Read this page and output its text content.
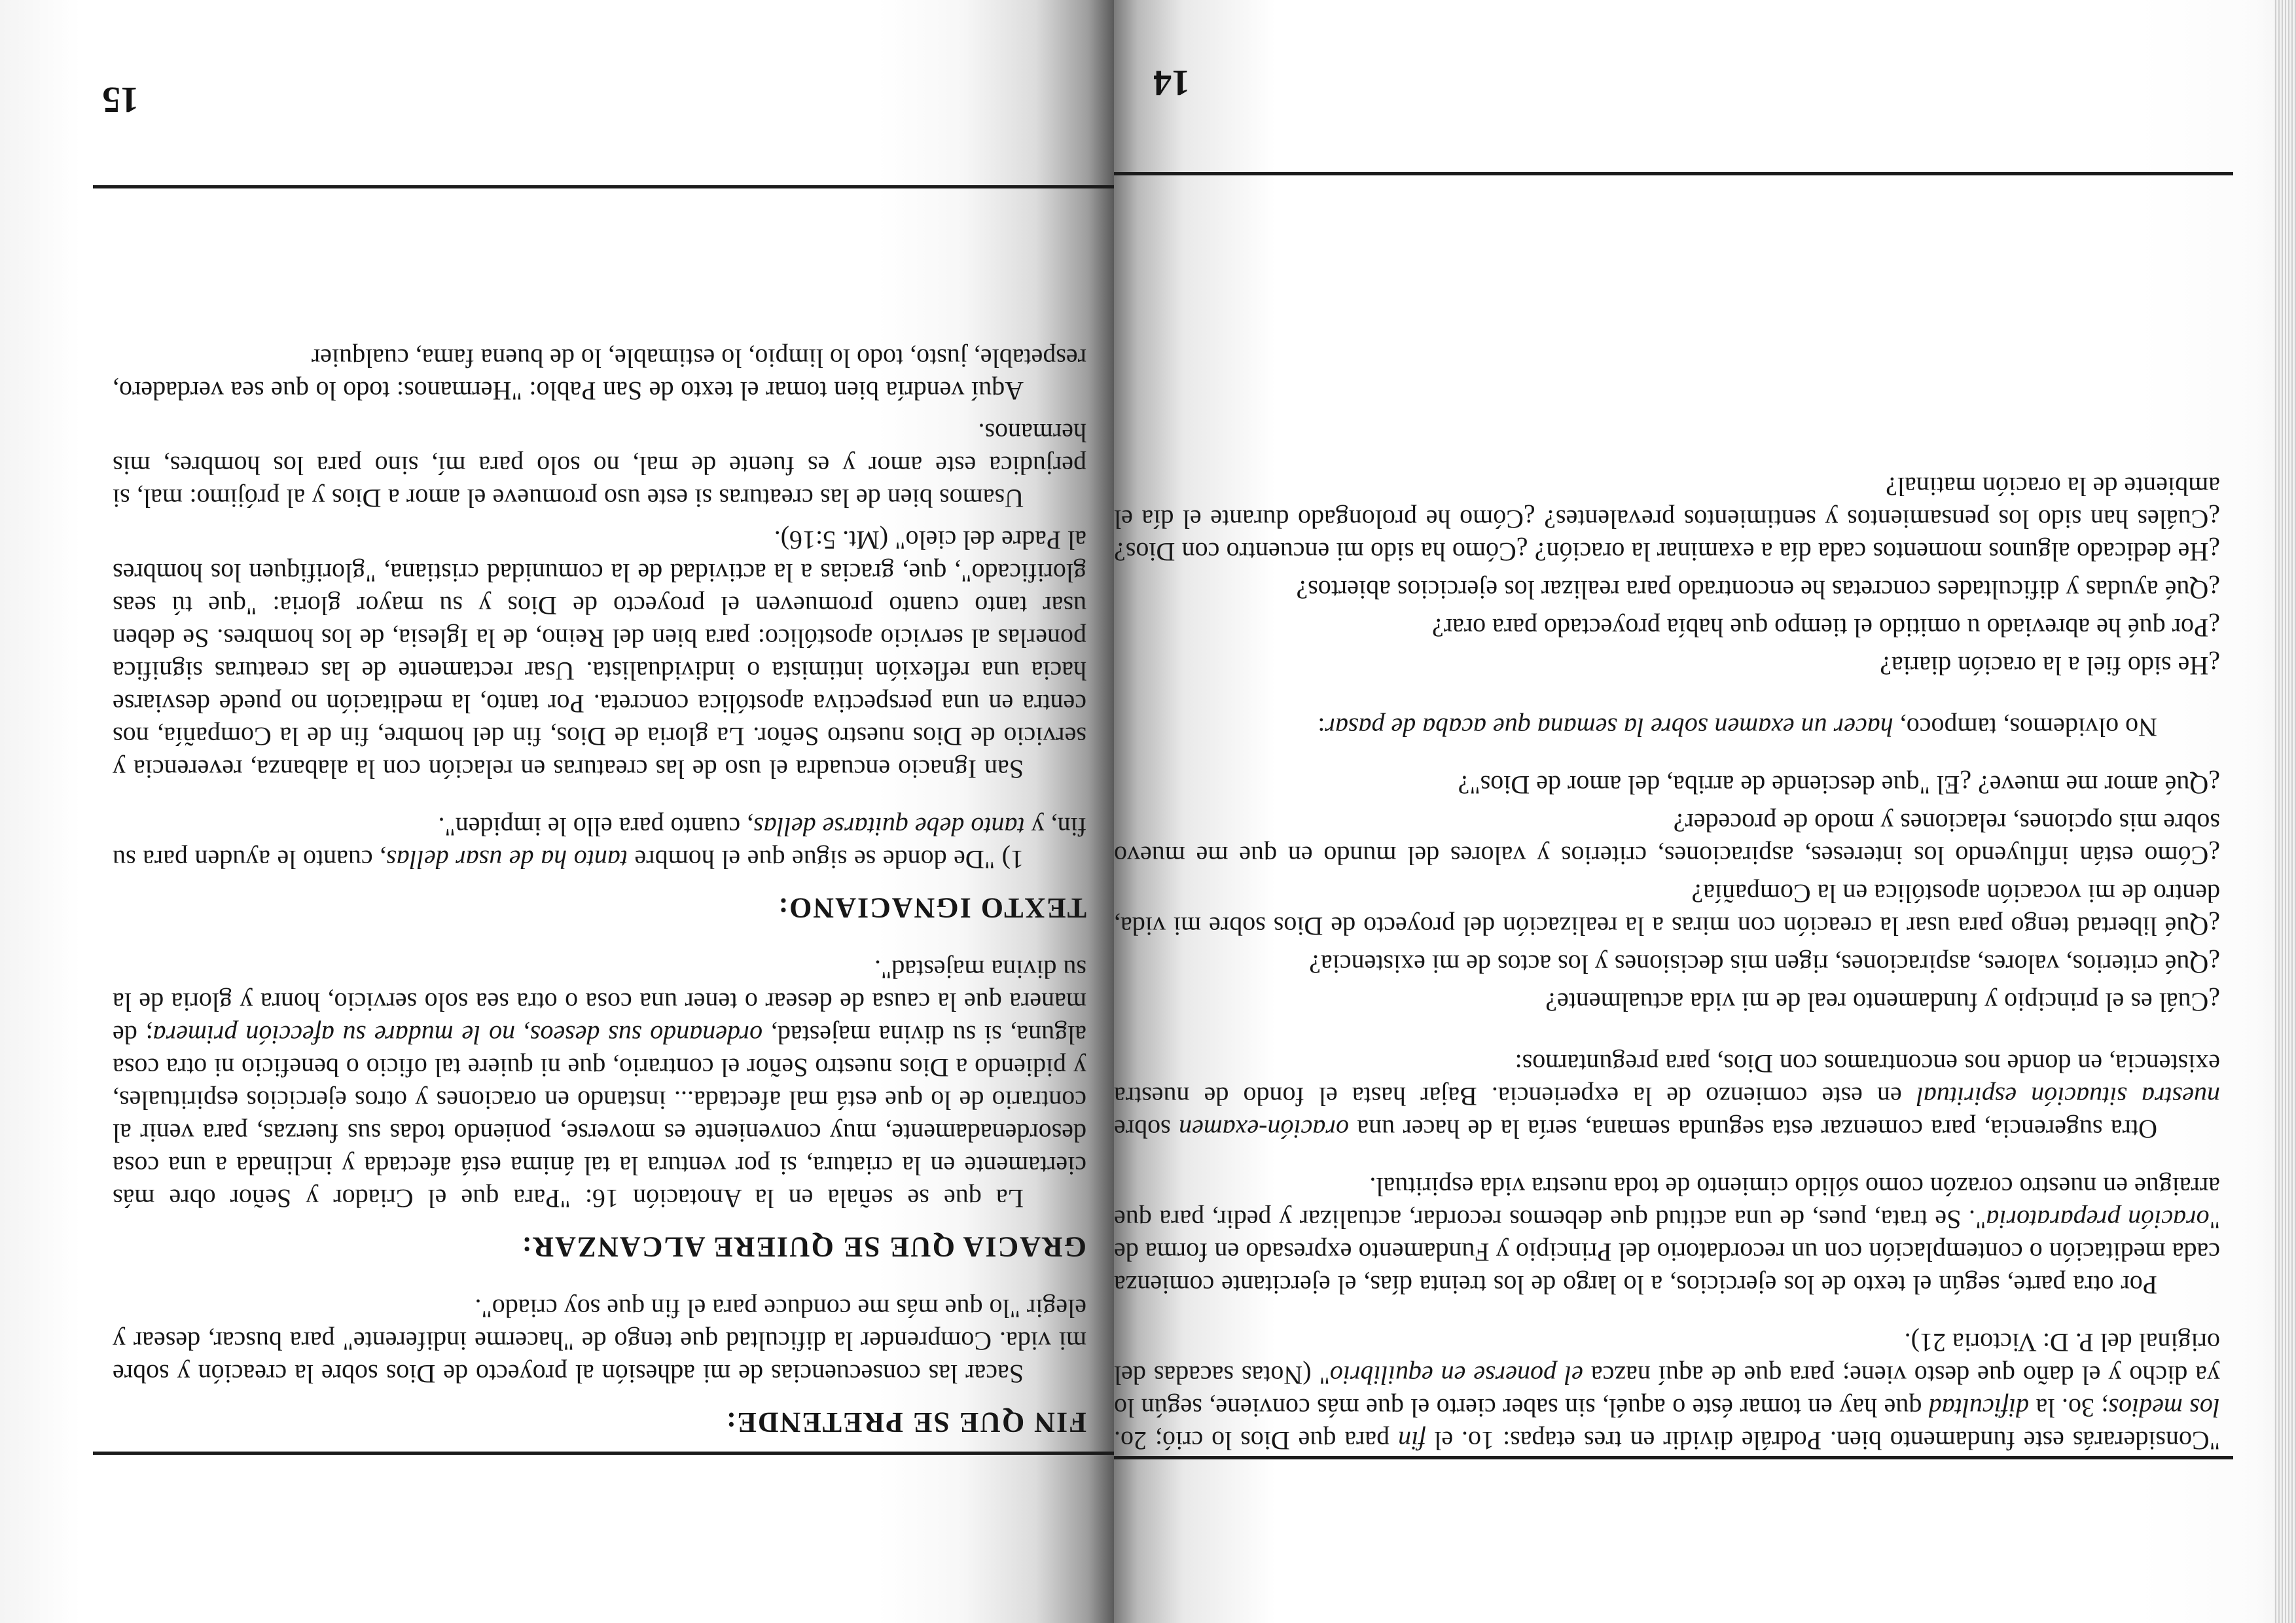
14

"Considerarás este fundamento bien. Podrále dividir en tres etapas: 1o. el fin para que Dios lo crió; 2o. los medios; 3o. la dificultad que hay en tomar éste o aquél, sin saber cierto el que más conviene, según lo ya dicho y el daño que desto viene; para que de aquí nazca el ponerse en equilibrio" (Notas sacadas del original del P. D: Victoria 21).

Por otra parte, según el texto de los ejercicios, a lo largo de los treinta días, el ejercitante comienza cada meditación o contemplación con un recordatorio del Principio y Fundamento expresado en forma de "oración preparatoria". Se trata, pues, de una actitud que debemos recordar, actualizar y pedir, para que arraigue en nuestro corazón como sólido cimiento de toda nuestra vida espiritual.

Otra sugerencia, para comenzar esta segunda semana, sería la de hacer una oración-examen sobre nuestra situación espiritual en este comienzo de la experiencia. Bajar hasta el fondo de nuestra existencia, en donde nos encontramos con Dios, para preguntarnos:

¿Cuál es el principio y fundamento real de mi vida actualmente?

¿Qué criterios, valores, aspiraciones, rigen mis decisiones y los actos de mi existencia?

¿Qué libertad tengo para usar la creación con miras a la realización del proyecto de Dios sobre mi vida, dentro de mi vocación apostólica en la Compañía?

¿Cómo están influyendo los intereses, aspiraciones, criterios y valores del mundo en que me muevo sobre mis opciones, relaciones y modo de proceder?

¿Qué amor me mueve? ¿El "que desciende de arriba, del amor de Dios"?

No olvidemos, tampoco, hacer un examen sobre la semana que acaba de pasar:

¿He sido fiel a la oración diaria?

¿Por qué he abreviado u omitido el tiempo que había proyectado para orar?

¿Qué ayudas y dificultades concretas he encontrado para realizar los ejercicios abiertos?

¿He dedicado algunos momentos cada día a examinar la oración? ¿Cómo ha sido mi encuentro con Dios? ¿Cuáles han sido los pensamientos y sentimientos prevalentes? ¿Cómo he prolongado durante el día el ambiente de la oración matinal?

15
FIN QUE SE PRETENDE:

Sacar las consecuencias de mi adhesión al proyecto de Dios sobre la creación y sobre mi vida. Comprender la dificultad que tengo de "hacerme indiferente" para buscar, desear y elegir "lo que más me conduce para el fin que soy criado".

GRACIA QUE SE QUIERE ALCANZAR:

La que se señala en la Anotación 16: "Para que el Criador y Señor obre más ciertamente en la criatura, si por ventura la tal ánima está afectada y inclinada a una cosa desordenadamente, muy conveniente es moverse, poniendo todas sus fuerzas, para venir al contrario de lo que está mal afectada... instando en oraciones y otros ejercicios espirituales, y pidiendo a Dios nuestro Señor el contrario, que ni quiere tal oficio o beneficio ni otra cosa alguna, si su divina majestad, ordenando sus deseos, no le mudare su afección primera; de manera que la causa de desear o tener una cosa o otra sea solo servicio, honra y gloria de la su divina majestad".

TEXTO IGNACIANO:

1) "De donde se sigue que el hombre tanto ha de usar dellas, cuanto le ayuden para su fin, y tanto debe quitarse dellas, cuanto para ello le impiden".

San Ignacio encuadra el uso de las creaturas en relación con la alabanza, reverencia y servicio de Dios nuestro Señor. La gloria de Dios, fin del hombre, fin de la Compañía, nos centra en una perspectiva apostólica concreta. Por tanto, la meditación no puede desviarse hacia una reflexión intimista o individualista. Usar rectamente de las creaturas significa ponerlas al servicio apostólico: para bien del Reino, de la Iglesia, de los hombres. Se deben usar tanto cuanto promueven el proyecto de Dios y su mayor gloria: "que tú seas glorificado", que, gracias a la actividad de la comunidad cristiana, "glorifiquen los hombres al Padre del cielo" (Mt. 5:16).

Usamos bien de las creaturas si este uso promueve el amor a Dios y al prójimo: mal, si perjudica este amor y es fuente de mal, no solo para mí, sino para los hombres, mis hermanos.

Aquí vendría bien tomar el texto de San Pablo: "Hermanos: todo lo que sea verdadero, respetable, justo, todo lo limpio, lo estimable, lo de buena fama, cualquier
